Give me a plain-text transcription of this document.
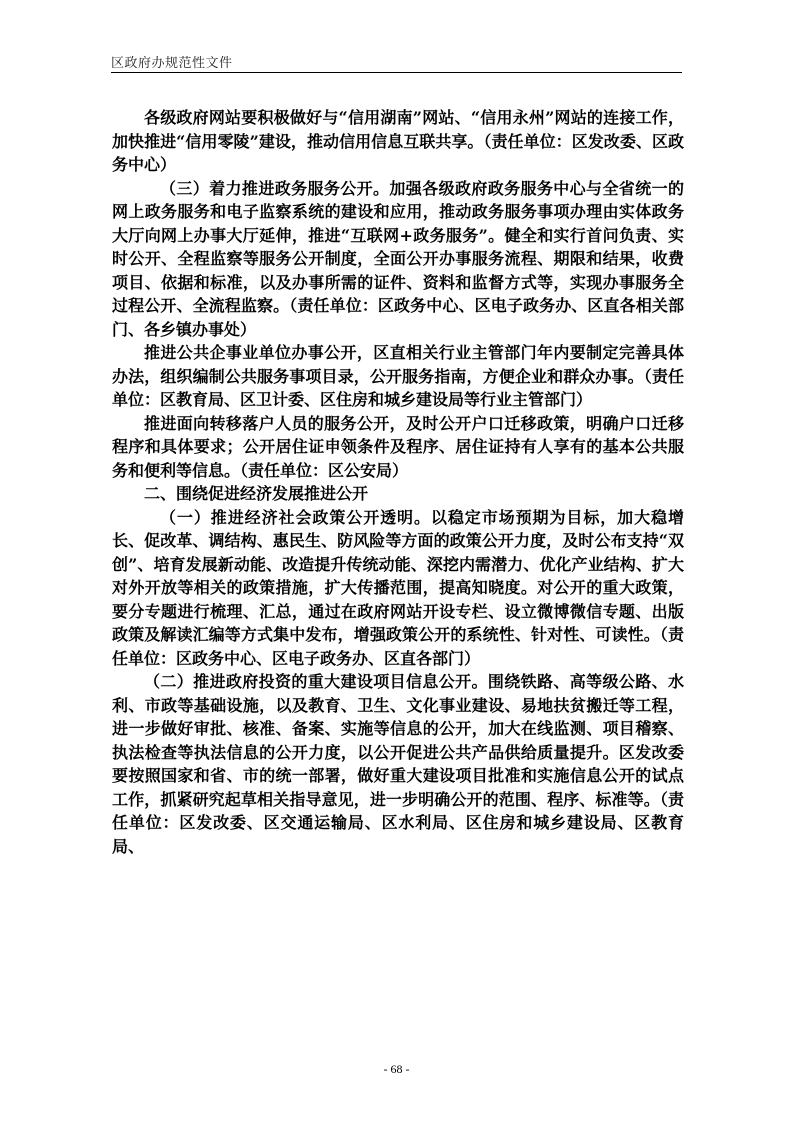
区政府办规范性文件

各级政府网站要积极做好与“信用湖南”网站、“信用永州”网站的连接工作，加快推进“信用零陵”建设，推动信用信息互联共享。（责任单位：区发改委、区政务中心）

（三）着力推进政务服务公开。加强各级政府政务服务中心与全省统一的网上政务服务和电子监察系统的建设和应用，推动政务服务事项办理由实体政务大厅向网上办事大厅延伸，推进“互联网+政务服务”。健全和实行首问负责、实时公开、全程监察等服务公开制度，全面公开办事服务流程、期限和结果，收费项目、依据和标准，以及办事所需的证件、资料和监督方式等，实现办事服务全过程公开、全流程监察。（责任单位：区政务中心、区电子政务办、区直各相关部门、各乡镇办事处）

推进公共企事业单位办事公开，区直相关行业主管部门年内要制定完善具体办法，组织编制公共服务事项目录，公开服务指南，方便企业和群众办事。（责任单位：区教育局、区卫计委、区住房和城乡建设局等行业主管部门）

推进面向转移落户人员的服务公开，及时公开户口迁移政策，明确户口迁移程序和具体要求；公开居住证申领条件及程序、居住证持有人享有的基本公共服务和便利等信息。（责任单位：区公安局）

二、围绕促进经济发展推进公开

（一）推进经济社会政策公开透明。以稳定市场预期为目标，加大稳增长、促改革、调结构、惠民生、防风险等方面的政策公开力度，及时公布支持“双创”、培育发展新动能、改造提升传统动能、深挖内需潜力、优化产业结构、扩大对外开放等相关的政策措施，扩大传播范围，提高知晓度。对公开的重大政策，要分专题进行梳理、汇总，通过在政府网站开设专栏、设立微博微信专题、出版政策及解读汇编等方式集中发布，增强政策公开的系统性、针对性、可读性。（责任单位：区政务中心、区电子政务办、区直各部门）

（二）推进政府投资的重大建设项目信息公开。围绕铁路、高等级公路、水利、市政等基础设施，以及教育、卫生、文化事业建设、易地扶贫搬迁等工程，进一步做好审批、核准、备案、实施等信息的公开，加大在线监测、项目稽察、执法检查等执法信息的公开力度，以公开促进公共产品供给质量提升。区发改委要按照国家和省、市的统一部署，做好重大建设项目批准和实施信息公开的试点工作，抓紧研究起草相关指导意见，进一步明确公开的范围、程序、标准等。（责任单位：区发改委、区交通运输局、区水利局、区住房和城乡建设局、区教育局、

- 68 -
